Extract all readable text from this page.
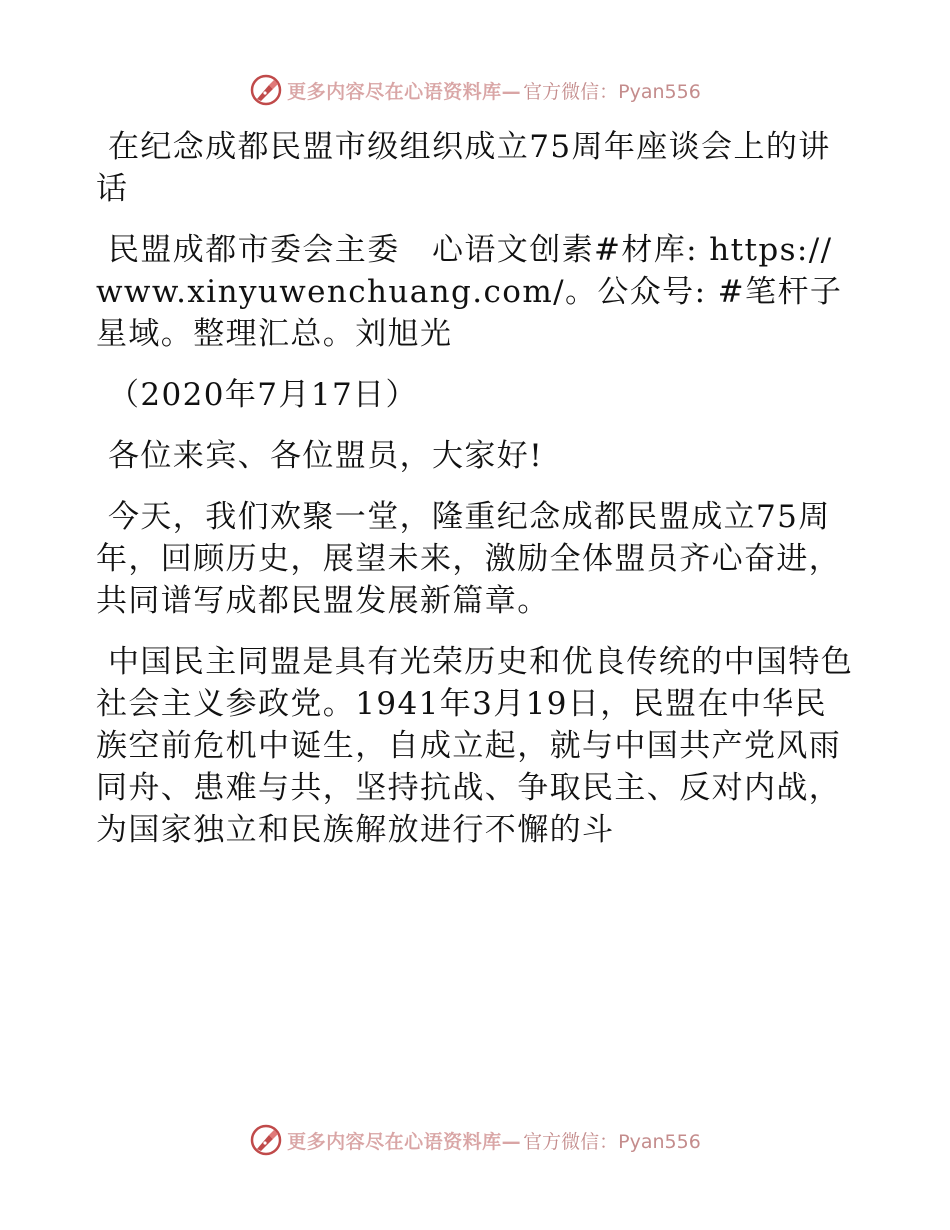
更多内容尽在心语资料库— 官方微信：Pyan556

在纪念成都民盟市级组织成立75周年座谈会上的讲话

民盟成都市委会主委　心语文创素#材库: https://www.xinyuwenchuang.com/。公众号: #笔杆子星域。整理汇总。刘旭光

（2020年7月17日）

各位来宾、各位盟员，大家好!

今天，我们欢聚一堂，隆重纪念成都民盟成立75周年，回顾历史，展望未来，激励全体盟员齐心奋进，共同谱写成都民盟发展新篇章。

中国民主同盟是具有光荣历史和优良传统的中国特色社会主义参政党。1941年3月19日，民盟在中华民族空前危机中诞生，自成立起，就与中国共产党风雨同舟、患难与共，坚持抗战、争取民主、反对内战，为国家独立和民族解放进行不懈的斗

更多内容尽在心语资料库— 官方微信：Pyan556
